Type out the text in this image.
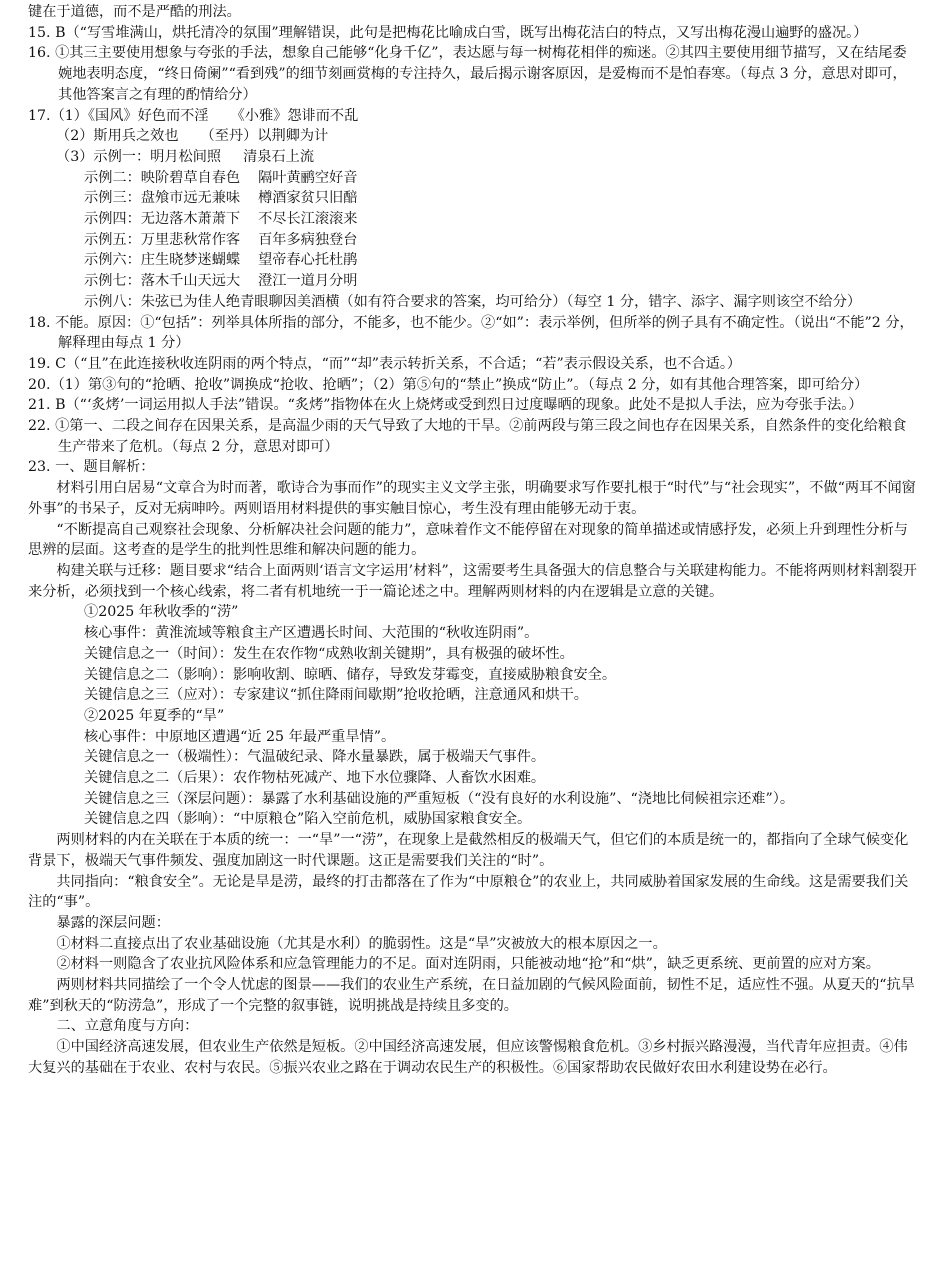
键在于道德，而不是严酷的刑法。

15. B（“写雪堆满山，烘托清冷的氛围”理解错误，此句是把梅花比喻成白雪，既写出梅花洁白的特点，又写出梅花漫山遍野的盛况。）

16. ①其三主要使用想象与夸张的手法，想象自己能够“化身千亿”，表达愿与每一树梅花相伴的痴迷。②其四主要使用细节描写，又在结尾委婉地表明态度，“终日倚阑”“看到残”的细节刻画赏梅的专注持久，最后揭示谢客原因，是爱梅而不是怕春寒。（每点 3 分，意思对即可，其他答案言之有理的酌情给分）

17.（1）《国风》好色而不淫 《小雅》怨诽而不乱
（2）斯用兵之效也 （至丹）以荆卿为计
（3）示例一：明月松间照 清泉石上流
示例二：映阶碧草自春色 隔叶黄鹂空好音
示例三：盘飧市远无兼味 樽酒家贫只旧醅
示例四：无边落木萧萧下 不尽长江滚滚来
示例五：万里悲秋常作客 百年多病独登台
示例六：庄生晓梦迷蝴蝶 望帝春心托杜鹃
示例七：落木千山天远大 澄江一道月分明
示例八：朱弦已为佳人绝青眼聊因美酒横（如有符合要求的答案，均可给分）（每空 1 分，错字、添字、漏字则该空不给分）

18. 不能。原因：①“包括”：列举具体所指的部分，不能多，也不能少。②“如”：表示举例，但所举的例子具有不确定性。（说出“不能”2 分，解释理由每点 1 分）

19. C（“且”在此连接秋收连阴雨的两个特点，“而”“却”表示转折关系，不合适；“若”表示假设关系，也不合适。）

20.（1）第③句的“抢晒、抢收”调换成“抢收、抢晒”；（2）第⑤句的“禁止”换成“防止”。（每点 2 分，如有其他合理答案，即可给分）

21. B（“‘炙烤’一词运用拟人手法”错误。“炙烤”指物体在火上烧烤或受到烈日过度曝晒的现象。此处不是拟人手法，应为夸张手法。）

22. ①第一、二段之间存在因果关系，是高温少雨的天气导致了大地的干旱。②前两段与第三段之间也存在因果关系，自然条件的变化给粮食生产带来了危机。（每点 2 分，意思对即可）

23. 一、题目解析：

材料引用白居易“文章合为时而著，歌诗合为事而作”的现实主义文学主张，明确要求写作要扎根于“时代”与“社会现实”，不做“两耳不闻窗外事”的书呆子，反对无病呻吟。两则语用材料提供的事实触目惊心，考生没有理由能够无动于衷。

“不断提高自己观察社会现象、分析解决社会问题的能力”，意味着作文不能停留在对现象的简单描述或情感抒发，必须上升到理性分析与思辨的层面。这考查的是学生的批判性思维和解决问题的能力。

构建关联与迁移：题目要求“结合上面两则‘语言文字运用’材料”，这需要考生具备强大的信息整合与关联建构能力。不能将两则材料割裂开来分析，必须找到一个核心线索，将二者有机地统一于一篇论述之中。理解两则材料的内在逻辑是立意的关键。

①2025 年秋收季的“涝”

核心事件：黄淮流域等粮食主产区遭遇长时间、大范围的“秋收连阴雨”。

关键信息之一（时间）：发生在农作物“成熟收割关键期”，具有极强的破坏性。

关键信息之二（影响）：影响收割、晾晒、储存，导致发芽霉变，直接威胁粮食安全。

关键信息之三（应对）：专家建议“抓住降雨间歇期”抢收抢晒，注意通风和烘干。

②2025 年夏季的“旱”

核心事件：中原地区遭遇“近 25 年最严重旱情”。

关键信息之一（极端性）：气温破纪录、降水量暴跌，属于极端天气事件。

关键信息之二（后果）：农作物枯死减产、地下水位骤降、人畜饮水困难。

关键信息之三（深层问题）：暴露了水利基础设施的严重短板（“没有良好的水利设施”、“浇地比伺候祖宗还难”）。

关键信息之四（影响）：“中原粮仓”陷入空前危机，威胁国家粮食安全。

两则材料的内在关联在于本质的统一：一“旱”一“涝”，在现象上是截然相反的极端天气，但它们的本质是统一的，都指向了全球气候变化背景下，极端天气事件频发、强度加剧这一时代课题。这正是需要我们关注的“时”。

共同指向：“粮食安全”。无论是旱是涝，最终的打击都落在了作为“中原粮仓”的农业上，共同威胁着国家发展的生命线。这是需要我们关注的“事”。

暴露的深层问题：

①材料二直接点出了农业基础设施（尤其是水利）的脆弱性。这是“旱”灾被放大的根本原因之一。

②材料一则隐含了农业抗风险体系和应急管理能力的不足。面对连阴雨，只能被动地“抢”和“烘”，缺乏更系统、更前置的应对方案。

两则材料共同描绘了一个令人忧虑的图景——我们的农业生产系统，在日益加剧的气候风险面前，韧性不足，适应性不强。从夏天的“抗旱难”到秋天的“防涝急”，形成了一个完整的叙事链，说明挑战是持续且多变的。

二、立意角度与方向：

①中国经济高速发展，但农业生产依然是短板。②中国经济高速发展，但应该警惕粮食危机。③乡村振兴路漫漫，当代青年应担责。④伟大复兴的基础在于农业、农村与农民。⑤振兴农业之路在于调动农民生产的积极性。⑥国家帮助农民做好农田水利建设势在必行。
